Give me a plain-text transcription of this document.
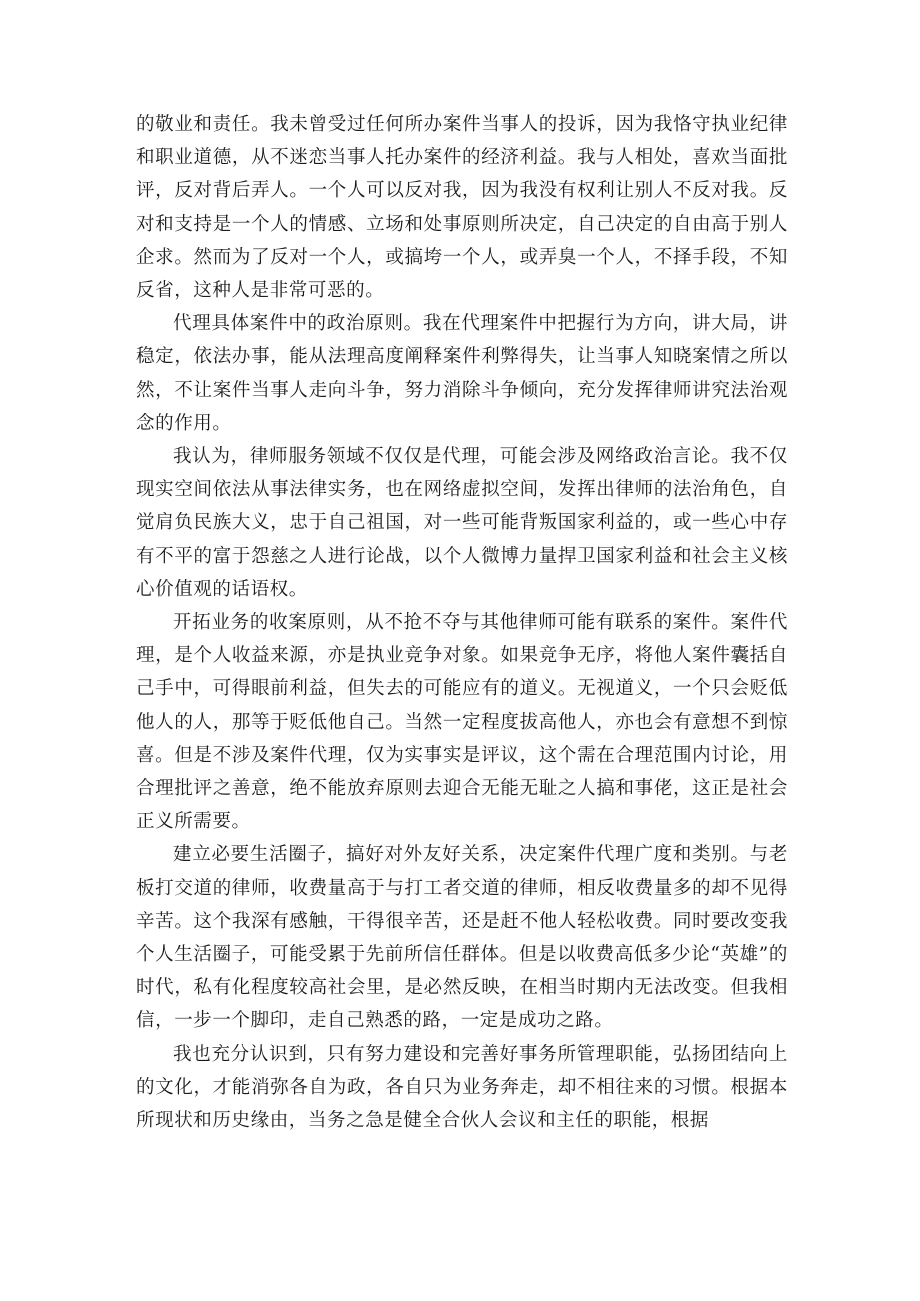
的敬业和责任。我未曾受过任何所办案件当事人的投诉，因为我恪守执业纪律和职业道德，从不迷恋当事人托办案件的经济利益。我与人相处，喜欢当面批评，反对背后弄人。一个人可以反对我，因为我没有权利让别人不反对我。反对和支持是一个人的情感、立场和处事原则所决定，自己决定的自由高于别人企求。然而为了反对一个人，或搞垮一个人，或弄臭一个人，不择手段，不知反省，这种人是非常可恶的。

代理具体案件中的政治原则。我在代理案件中把握行为方向，讲大局，讲稳定，依法办事，能从法理高度阐释案件利弊得失，让当事人知晓案情之所以然，不让案件当事人走向斗争，努力消除斗争倾向，充分发挥律师讲究法治观念的作用。

我认为，律师服务领域不仅仅是代理，可能会涉及网络政治言论。我不仅现实空间依法从事法律实务，也在网络虚拟空间，发挥出律师的法治角色，自觉肩负民族大义，忠于自己祖国，对一些可能背叛国家利益的，或一些心中存有不平的富于怨慈之人进行论战，以个人微博力量捍卫国家利益和社会主义核心价值观的话语权。

开拓业务的收案原则，从不抢不夺与其他律师可能有联系的案件。案件代理，是个人收益来源，亦是执业竞争对象。如果竞争无序，将他人案件囊括自己手中，可得眼前利益，但失去的可能应有的道义。无视道义，一个只会贬低他人的人，那等于贬低他自己。当然一定程度拔高他人，亦也会有意想不到惊喜。但是不涉及案件代理，仅为实事实是评议，这个需在合理范围内讨论，用合理批评之善意，绝不能放弃原则去迎合无能无耻之人搞和事佬，这正是社会正义所需要。

建立必要生活圈子，搞好对外友好关系，决定案件代理广度和类别。与老板打交道的律师，收费量高于与打工者交道的律师，相反收费量多的却不见得辛苦。这个我深有感触，干得很辛苦，还是赶不他人轻松收费。同时要改变我个人生活圈子，可能受累于先前所信任群体。但是以收费高低多少论“英雄”的时代，私有化程度较高社会里，是必然反映，在相当时期内无法改变。但我相信，一步一个脚印，走自己熟悉的路，一定是成功之路。

我也充分认识到，只有努力建设和完善好事务所管理职能，弘扬团结向上的文化，才能消弥各自为政，各自只为业务奔走，却不相往来的习惯。根据本所现状和历史缘由，当务之急是健全合伙人会议和主任的职能，根据
